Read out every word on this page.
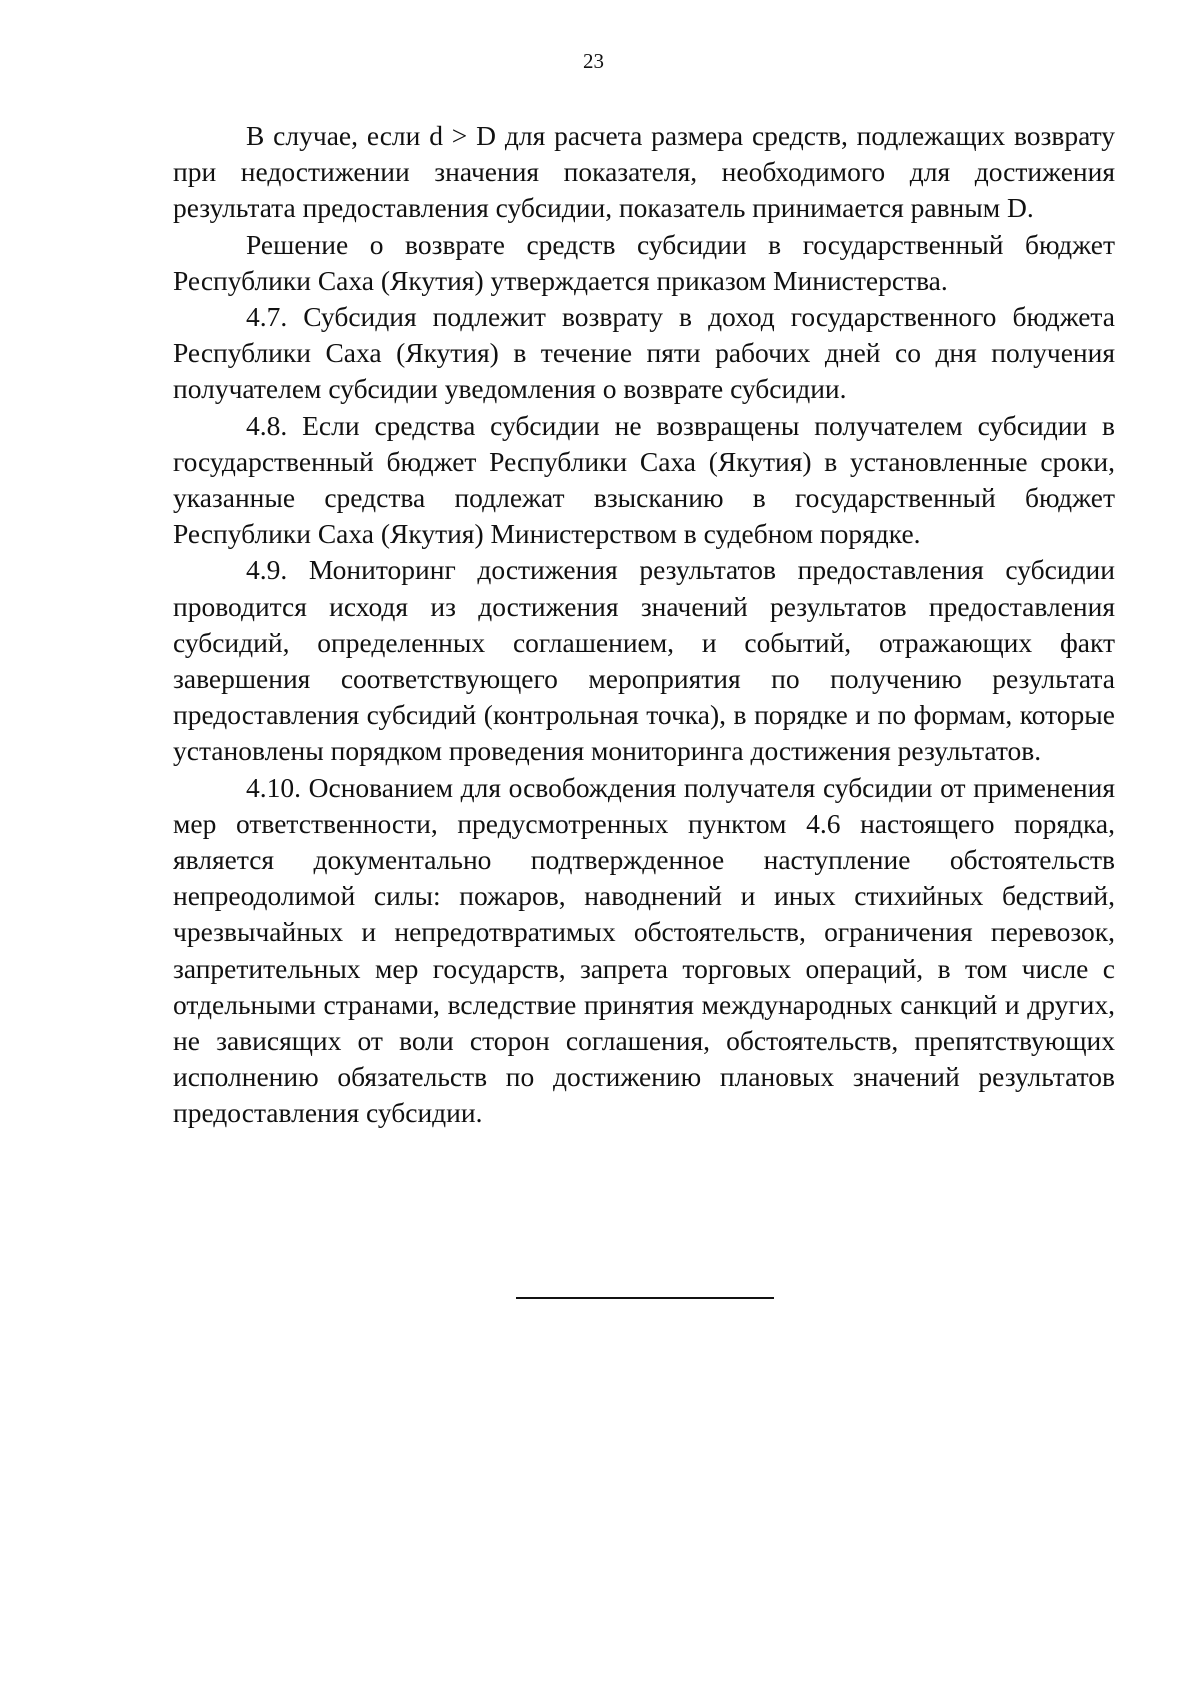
23

В случае, если d > D для расчета размера средств, подлежащих возврату при недостижении значения показателя, необходимого для достижения результата предоставления субсидии, показатель принимается равным D.

Решение о возврате средств субсидии в государственный бюджет Республики Саха (Якутия) утверждается приказом Министерства.

4.7. Субсидия подлежит возврату в доход государственного бюджета Республики Саха (Якутия) в течение пяти рабочих дней со дня получения получателем субсидии уведомления о возврате субсидии.

4.8. Если средства субсидии не возвращены получателем субсидии в государственный бюджет Республики Саха (Якутия) в установленные сроки, указанные средства подлежат взысканию в государственный бюджет Республики Саха (Якутия) Министерством в судебном порядке.

4.9. Мониторинг достижения результатов предоставления субсидии проводится исходя из достижения значений результатов предоставления субсидий, определенных соглашением, и событий, отражающих факт завершения соответствующего мероприятия по получению результата предоставления субсидий (контрольная точка), в порядке и по формам, которые установлены порядком проведения мониторинга достижения результатов.

4.10. Основанием для освобождения получателя субсидии от применения мер ответственности, предусмотренных пунктом 4.6 настоящего порядка, является документально подтвержденное наступление обстоятельств непреодолимой силы: пожаров, наводнений и иных стихийных бедствий, чрезвычайных и непредотвратимых обстоятельств, ограничения перевозок, запретительных мер государств, запрета торговых операций, в том числе с отдельными странами, вследствие принятия международных санкций и других, не зависящих от воли сторон соглашения, обстоятельств, препятствующих исполнению обязательств по достижению плановых значений результатов предоставления субсидии.
